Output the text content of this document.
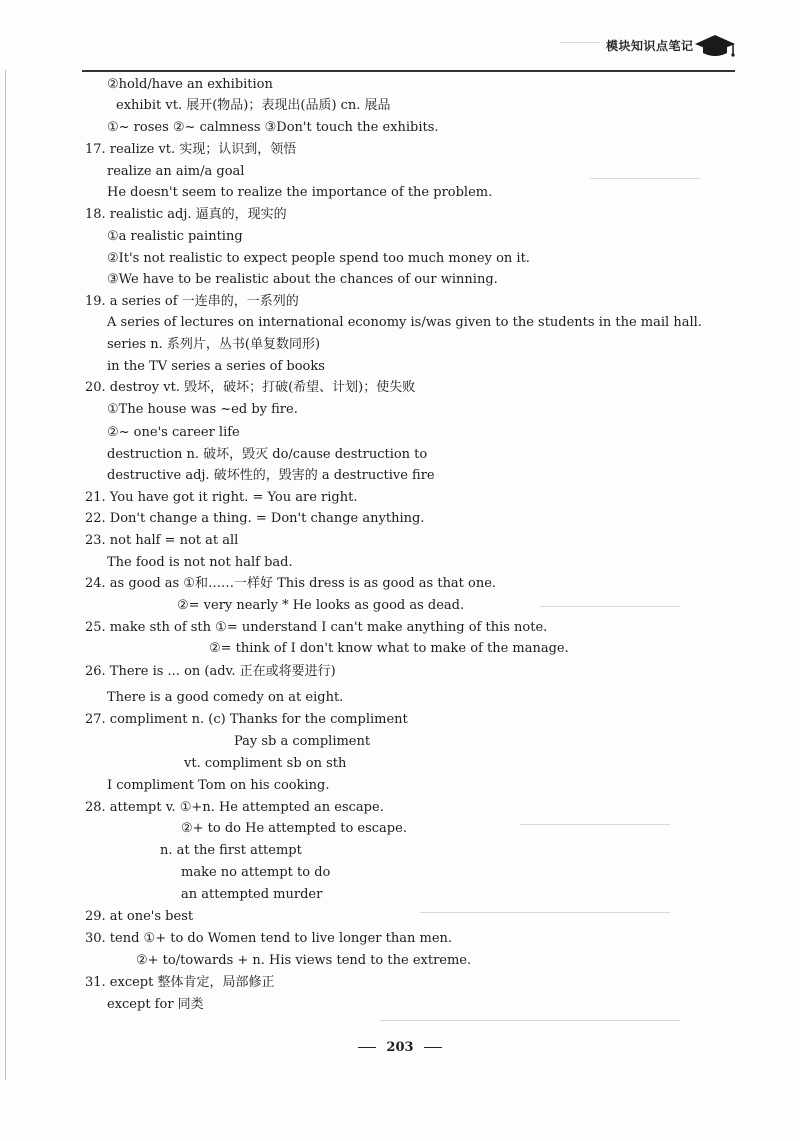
模块知识点笔记
②hold/have an exhibition
exhibit vt. 展开(物品)；表现出(品质) cn. 展品
①~ roses ②~ calmness ③Don't touch the exhibits.
17. realize vt. 实现；认识到，领悟
realize an aim/a goal
He doesn't seem to realize the importance of the problem.
18. realistic adj. 逼真的，现实的
①a realistic painting
②It's not realistic to expect people spend too much money on it.
③We have to be realistic about the chances of our winning.
19. a series of 一连串的，一系列的
A series of lectures on international economy is/was given to the students in the mail hall.
series n. 系列片，丛书(单复数同形)
in the TV series a series of books
20. destroy vt. 毁坏，破坏；打破(希望、计划)；使失败
①The house was ~ed by fire.
②~ one's career life
destruction n. 破坏，毁灭 do/cause destruction to
destructive adj. 破坏性的，毁害的 a destructive fire
21. You have got it right. = You are right.
22. Don't change a thing. = Don't change anything.
23. not half = not at all
The food is not not half bad.
24. as good as ①和……一样好 This dress is as good as that one.
②= very nearly * He looks as good as dead.
25. make sth of sth ①= understand I can't make anything of this note.
②= think of I don't know what to make of the manage.
26. There is ... on (adv. 正在或将要进行)
There is a good comedy on at eight.
27. compliment n. (c) Thanks for the compliment
Pay sb a compliment
vt. compliment sb on sth
I compliment Tom on his cooking.
28. attempt v. ①+n. He attempted an escape.
②+ to do He attempted to escape.
n. at the first attempt
make no attempt to do
an attempted murder
29. at one's best
30. tend ①+ to do Women tend to live longer than men.
②+ to/towards + n. His views tend to the extreme.
31. except 整体肯定，局部修正
except for 同类
203
